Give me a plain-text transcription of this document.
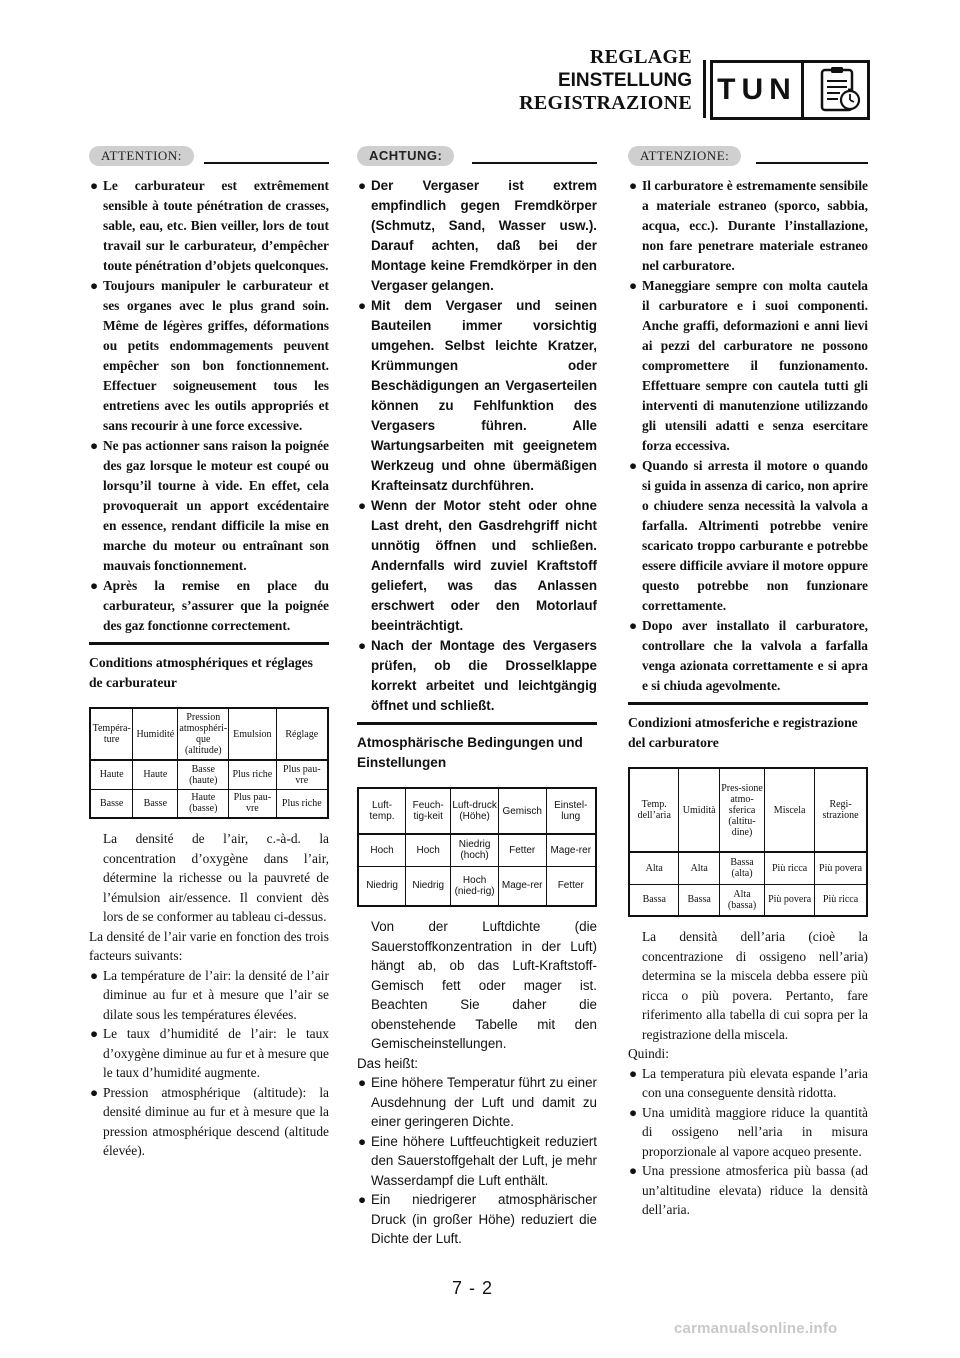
REGLAGE
EINSTELLUNG
REGISTRAZIONE TUN
ATTENTION:
● Le carburateur est extrêmement sensible à toute pénétration de crasses, sable, eau, etc. Bien veiller, lors de tout travail sur le carburateur, d’empêcher toute pénétration d’objets quelconques.
● Toujours manipuler le carburateur et ses organes avec le plus grand soin. Même de légères griffes, déformations ou petits endommagements peuvent empêcher son bon fonctionnement. Effectuer soigneusement tous les entretiens avec les outils appropriés et sans recourir à une force excessive.
● Ne pas actionner sans raison la poignée des gaz lorsque le moteur est coupé ou lorsqu’il tourne à vide. En effet, cela provoquerait un apport excédentaire en essence, rendant difficile la mise en marche du moteur ou entraînant son mauvais fonctionnement.
● Après la remise en place du carburateur, s’assurer que la poignée des gaz fonctionne correctement.
Conditions atmosphériques et réglages de carburateur
Tempéra-ture	Humidité	Pression atmosphéri-que (altitude)	Emulsion	Réglage
Haute	Haute	Basse (haute)	Plus riche	Plus pau-vre
Basse	Basse	Haute (basse)	Plus pau-vre	Plus riche
La densité de l’air, c.-à-d. la concentration d’oxygène dans l’air, détermine la richesse ou la pauvreté de l’émulsion air/essence. Il convient dès lors de se conformer au tableau ci-dessus.
La densité de l’air varie en fonction des trois facteurs suivants:
● La température de l’air: la densité de l’air diminue au fur et à mesure que l’air se dilate sous les températures élevées.
● Le taux d’humidité de l’air: le taux d’oxygène diminue au fur et à mesure que le taux d’humidité augmente.
● Pression atmosphérique (altitude): la densité diminue au fur et à mesure que la pression atmosphérique descend (altitude élevée).
ACHTUNG:
● Der Vergaser ist extrem empfindlich gegen Fremdkörper (Schmutz, Sand, Wasser usw.). Darauf achten, daß bei der Montage keine Fremdkörper in den Vergaser gelangen.
● Mit dem Vergaser und seinen Bauteilen immer vorsichtig umgehen. Selbst leichte Kratzer, Krümmungen oder Beschädigungen an Vergaserteilen können zu Fehlfunktion des Vergasers führen. Alle Wartungsarbeiten mit geeignetem Werkzeug und ohne übermäßigen Krafteinsatz durchführen.
● Wenn der Motor steht oder ohne Last dreht, den Gasdrehgriff nicht unnötig öffnen und schließen. Andernfalls wird zuviel Kraftstoff geliefert, was das Anlassen erschwert oder den Motorlauf beeinträchtigt.
● Nach der Montage des Vergasers prüfen, ob die Drosselklappe korrekt arbeitet und leichtgängig öffnet und schließt.
Atmosphärische Bedingungen und Einstellungen
Luft-temp.	Feuch-tig-keit	Luft-druck (Höhe)	Gemisch	Einstel-lung
Hoch	Hoch	Niedrig (hoch)	Fetter	Mage-rer
Niedrig	Niedrig	Hoch (nied-rig)	Mage-rer	Fetter
Von der Luftdichte (die Sauerstoffkonzentration in der Luft) hängt ab, ob das Luft-Kraftstoff-Gemisch fett oder mager ist. Beachten Sie daher die obenstehende Tabelle mit den Gemischeinstellungen.
Das heißt:
● Eine höhere Temperatur führt zu einer Ausdehnung der Luft und damit zu einer geringeren Dichte.
● Eine höhere Luftfeuchtigkeit reduziert den Sauerstoffgehalt der Luft, je mehr Wasserdampf die Luft enthält.
● Ein niedrigerer atmosphärischer Druck (in großer Höhe) reduziert die Dichte der Luft.
ATTENZIONE:
● Il carburatore è estremamente sensibile a materiale estraneo (sporco, sabbia, acqua, ecc.). Durante l’installazione, non fare penetrare materiale estraneo nel carburatore.
● Maneggiare sempre con molta cautela il carburatore e i suoi componenti. Anche graffi, deformazioni e anni lievi ai pezzi del carburatore ne possono compromettere il funzionamento. Effettuare sempre con cautela tutti gli interventi di manutenzione utilizzando gli utensili adatti e senza esercitare forza eccessiva.
● Quando si arresta il motore o quando si guida in assenza di carico, non aprire o chiudere senza necessità la valvola a farfalla. Altrimenti potrebbe venire scaricato troppo carburante e potrebbe essere difficile avviare il motore oppure questo potrebbe non funzionare correttamente.
● Dopo aver installato il carburatore, controllare che la valvola a farfalla venga azionata correttamente e si apra e si chiuda agevolmente.
Condizioni atmosferiche e registrazione del carburatore
Temp. dell’aria	Umidità	Pres-sione atmo-sferica (altitu-dine)	Miscela	Regi-strazione
Alta	Alta	Bassa (alta)	Più ricca	Più povera
Bassa	Bassa	Alta (bassa)	Più povera	Più ricca
La densità dell’aria (cioè la concentrazione di ossigeno nell’aria) determina se la miscela debba essere più ricca o più povera. Pertanto, fare riferimento alla tabella di cui sopra per la registrazione della miscela.
Quindi:
● La temperatura più elevata espande l’aria con una conseguente densità ridotta.
● Una umidità maggiore riduce la quantità di ossigeno nell’aria in misura proporzionale al vapore acqueo presente.
● Una pressione atmosferica più bassa (ad un’altitudine elevata) riduce la densità dell’aria.
7 - 2
carmanualsonline.info
